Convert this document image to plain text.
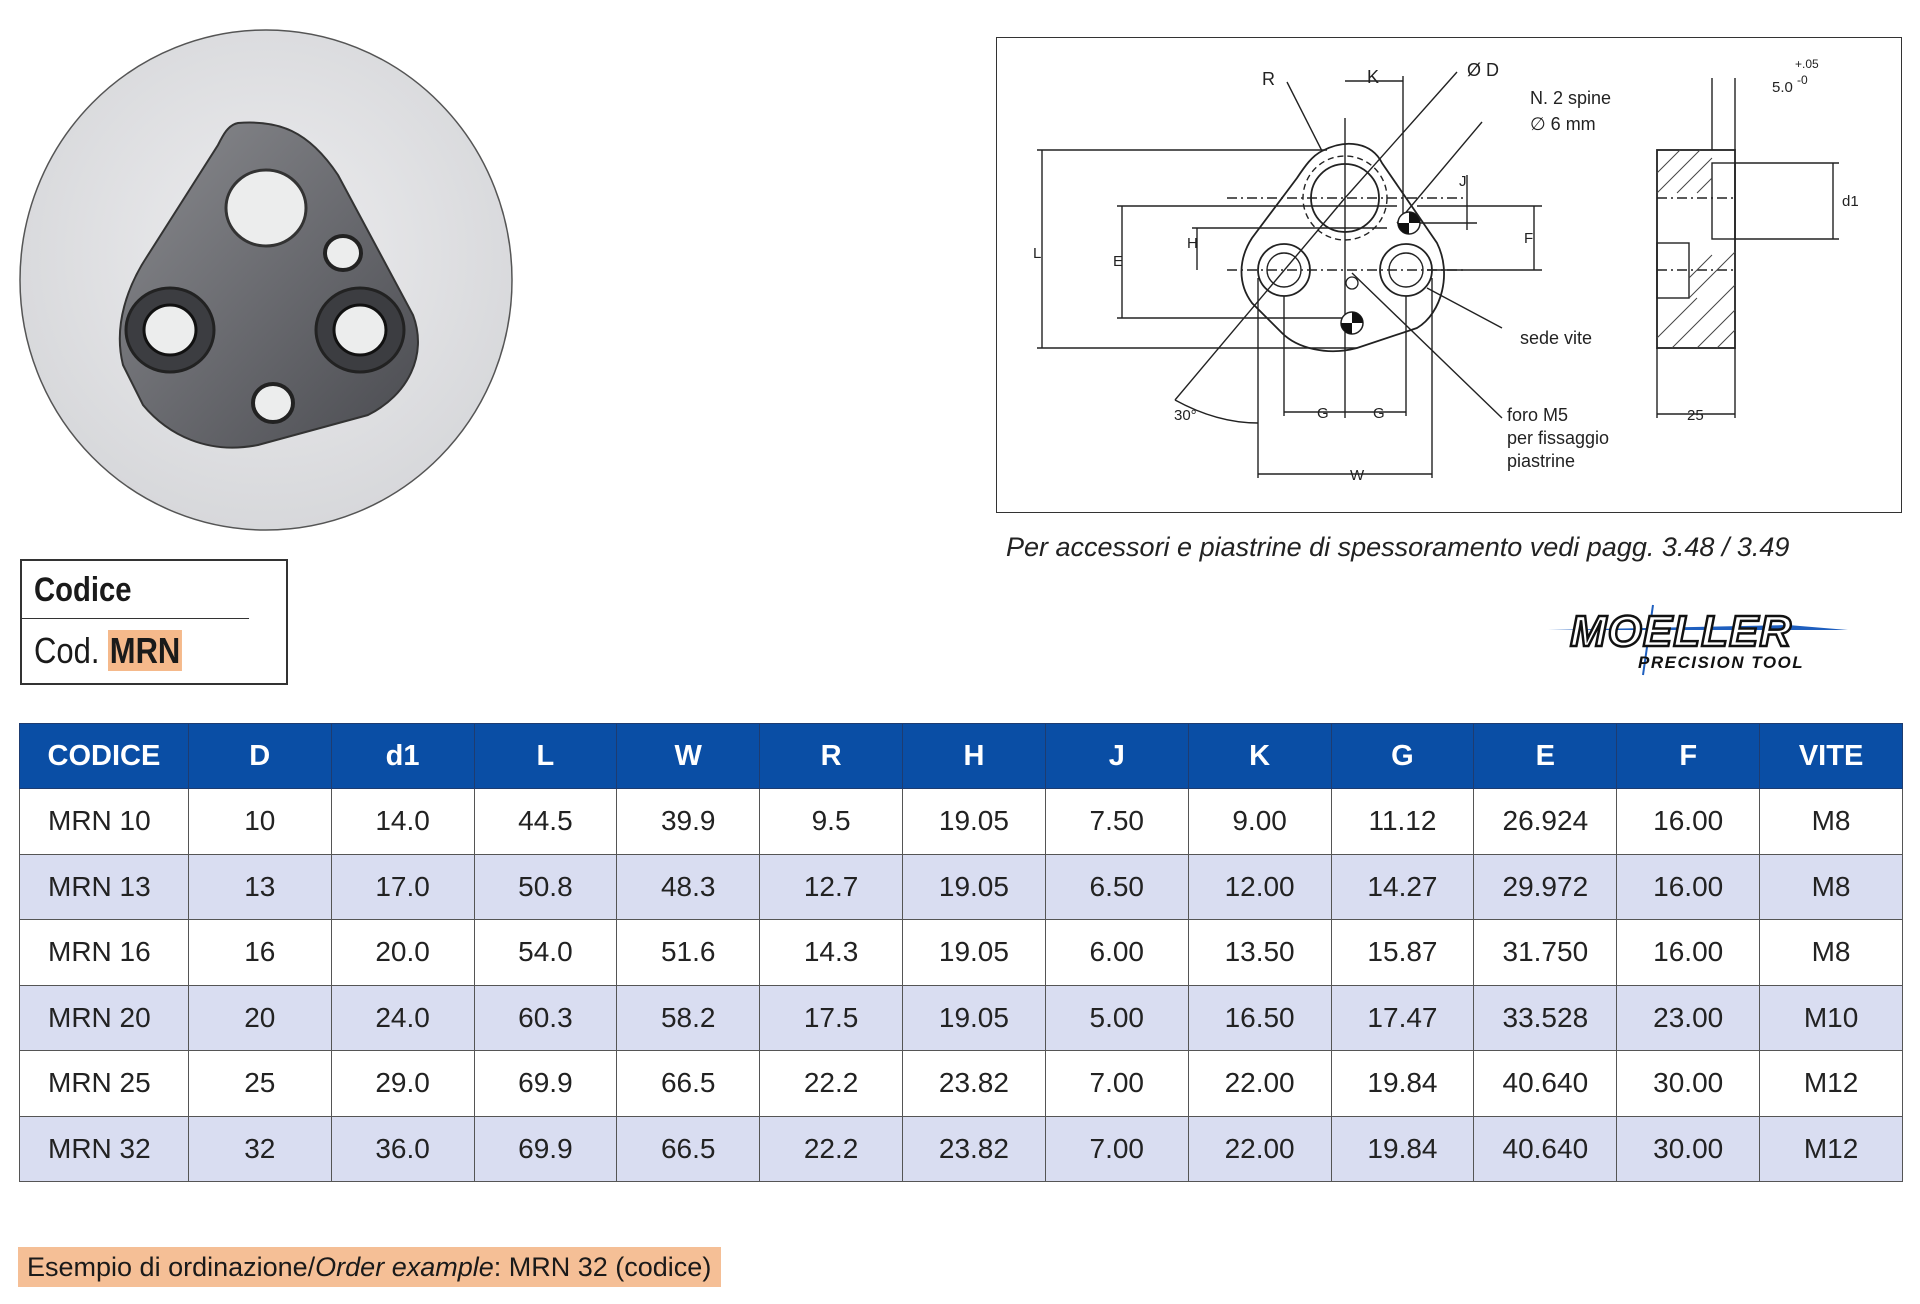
Codice
Cod. MRN
R	K	Ø D
N. 2 spine
∅ 6 mm
J
H	F
E
L
sede vite
30°	G	G
W
foro M5
per fissaggio
piastrine
+.05
5.0 -0
d1
25
Per accessori e piastrine di spessoramento vedi pagg. 3.48 / 3.49
MOELLER
PRECISION TOOL
CODICE	D	d1	L	W	R	H	J	K	G	E	F	VITE
MRN 10	10	14.0	44.5	39.9	9.5	19.05	7.50	9.00	11.12	26.924	16.00	M8
MRN 13	13	17.0	50.8	48.3	12.7	19.05	6.50	12.00	14.27	29.972	16.00	M8
MRN 16	16	20.0	54.0	51.6	14.3	19.05	6.00	13.50	15.87	31.750	16.00	M8
MRN 20	20	24.0	60.3	58.2	17.5	19.05	5.00	16.50	17.47	33.528	23.00	M10
MRN 25	25	29.0	69.9	66.5	22.2	23.82	7.00	22.00	19.84	40.640	30.00	M12
MRN 32	32	36.0	69.9	66.5	22.2	23.82	7.00	22.00	19.84	40.640	30.00	M12
Esempio di ordinazione/Order example: MRN 32 (codice)
